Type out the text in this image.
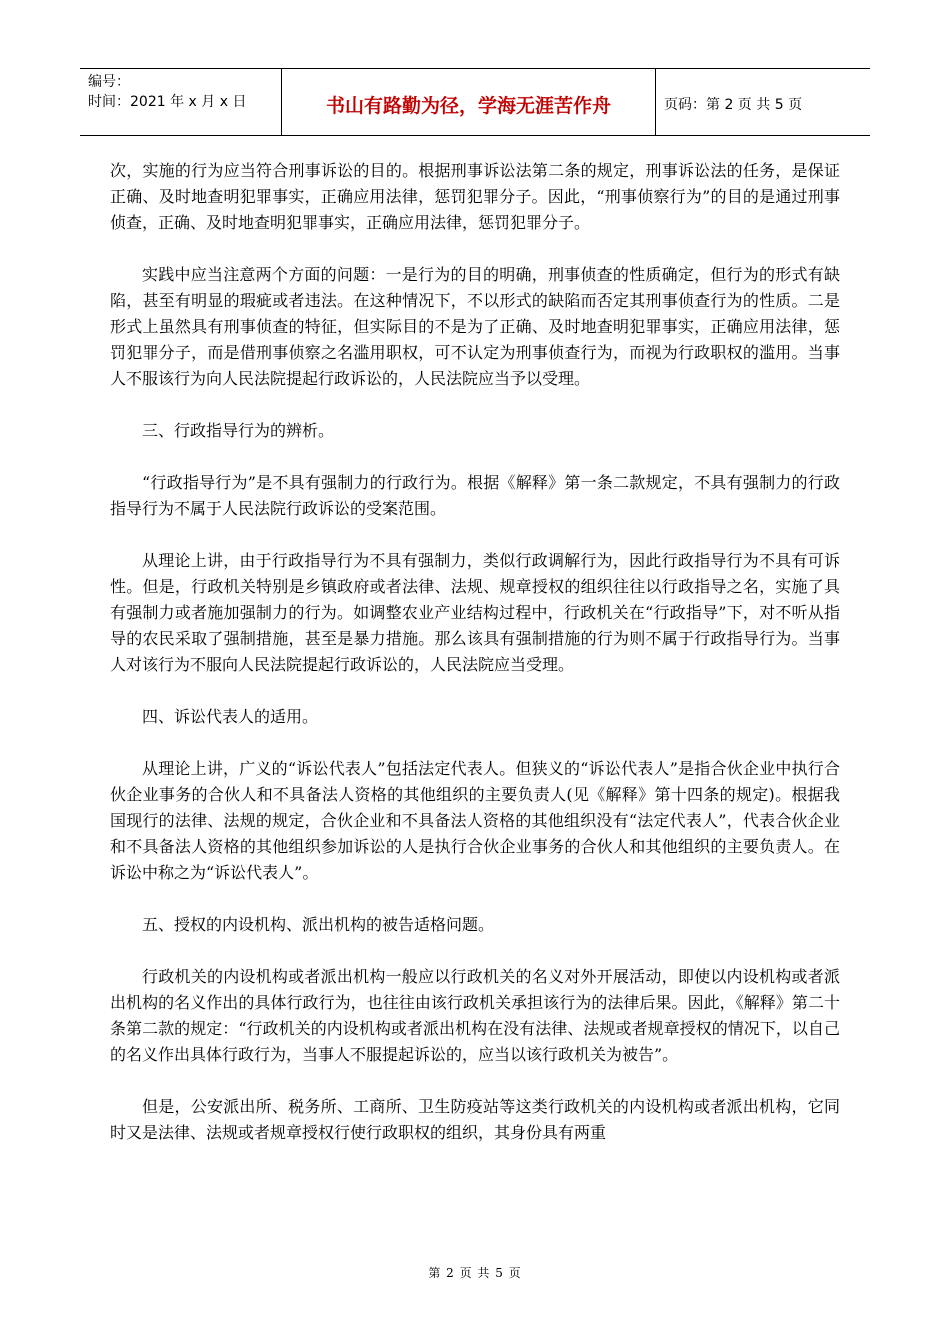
编号：
时间：2021 年 x 月 x 日	书山有路勤为径，学海无涯苦作舟	页码：第 2 页 共 5 页

次，实施的行为应当符合刑事诉讼的目的。根据刑事诉讼法第二条的规定，刑事诉讼法的任务，是保证正确、及时地查明犯罪事实，正确应用法律，惩罚犯罪分子。因此，“刑事侦察行为”的目的是通过刑事侦查，正确、及时地查明犯罪事实，正确应用法律，惩罚犯罪分子。

实践中应当注意两个方面的问题：一是行为的目的明确，刑事侦查的性质确定，但行为的形式有缺陷，甚至有明显的瑕疵或者违法。在这种情况下，不以形式的缺陷而否定其刑事侦查行为的性质。二是形式上虽然具有刑事侦查的特征，但实际目的不是为了正确、及时地查明犯罪事实，正确应用法律，惩罚犯罪分子，而是借刑事侦察之名滥用职权，可不认定为刑事侦查行为，而视为行政职权的滥用。当事人不服该行为向人民法院提起行政诉讼的，人民法院应当予以受理。

三、行政指导行为的辨析。

“行政指导行为”是不具有强制力的行政行为。根据《解释》第一条二款规定，不具有强制力的行政指导行为不属于人民法院行政诉讼的受案范围。

从理论上讲，由于行政指导行为不具有强制力，类似行政调解行为，因此行政指导行为不具有可诉性。但是，行政机关特别是乡镇政府或者法律、法规、规章授权的组织往往以行政指导之名，实施了具有强制力或者施加强制力的行为。如调整农业产业结构过程中，行政机关在“行政指导”下，对不听从指导的农民采取了强制措施，甚至是暴力措施。那么该具有强制措施的行为则不属于行政指导行为。当事人对该行为不服向人民法院提起行政诉讼的，人民法院应当受理。

四、诉讼代表人的适用。

从理论上讲，广义的“诉讼代表人”包括法定代表人。但狭义的“诉讼代表人”是指合伙企业中执行合伙企业事务的合伙人和不具备法人资格的其他组织的主要负责人(见《解释》第十四条的规定)。根据我国现行的法律、法规的规定，合伙企业和不具备法人资格的其他组织没有“法定代表人”，代表合伙企业和不具备法人资格的其他组织参加诉讼的人是执行合伙企业事务的合伙人和其他组织的主要负责人。在诉讼中称之为“诉讼代表人”。

五、授权的内设机构、派出机构的被告适格问题。

行政机关的内设机构或者派出机构一般应以行政机关的名义对外开展活动，即使以内设机构或者派出机构的名义作出的具体行政行为，也往往由该行政机关承担该行为的法律后果。因此，《解释》第二十条第二款的规定：“行政机关的内设机构或者派出机构在没有法律、法规或者规章授权的情况下，以自己的名义作出具体行政行为，当事人不服提起诉讼的，应当以该行政机关为被告”。

但是，公安派出所、税务所、工商所、卫生防疫站等这类行政机关的内设机构或者派出机构，它同时又是法律、法规或者规章授权行使行政职权的组织，其身份具有两重

第 2 页 共 5 页
